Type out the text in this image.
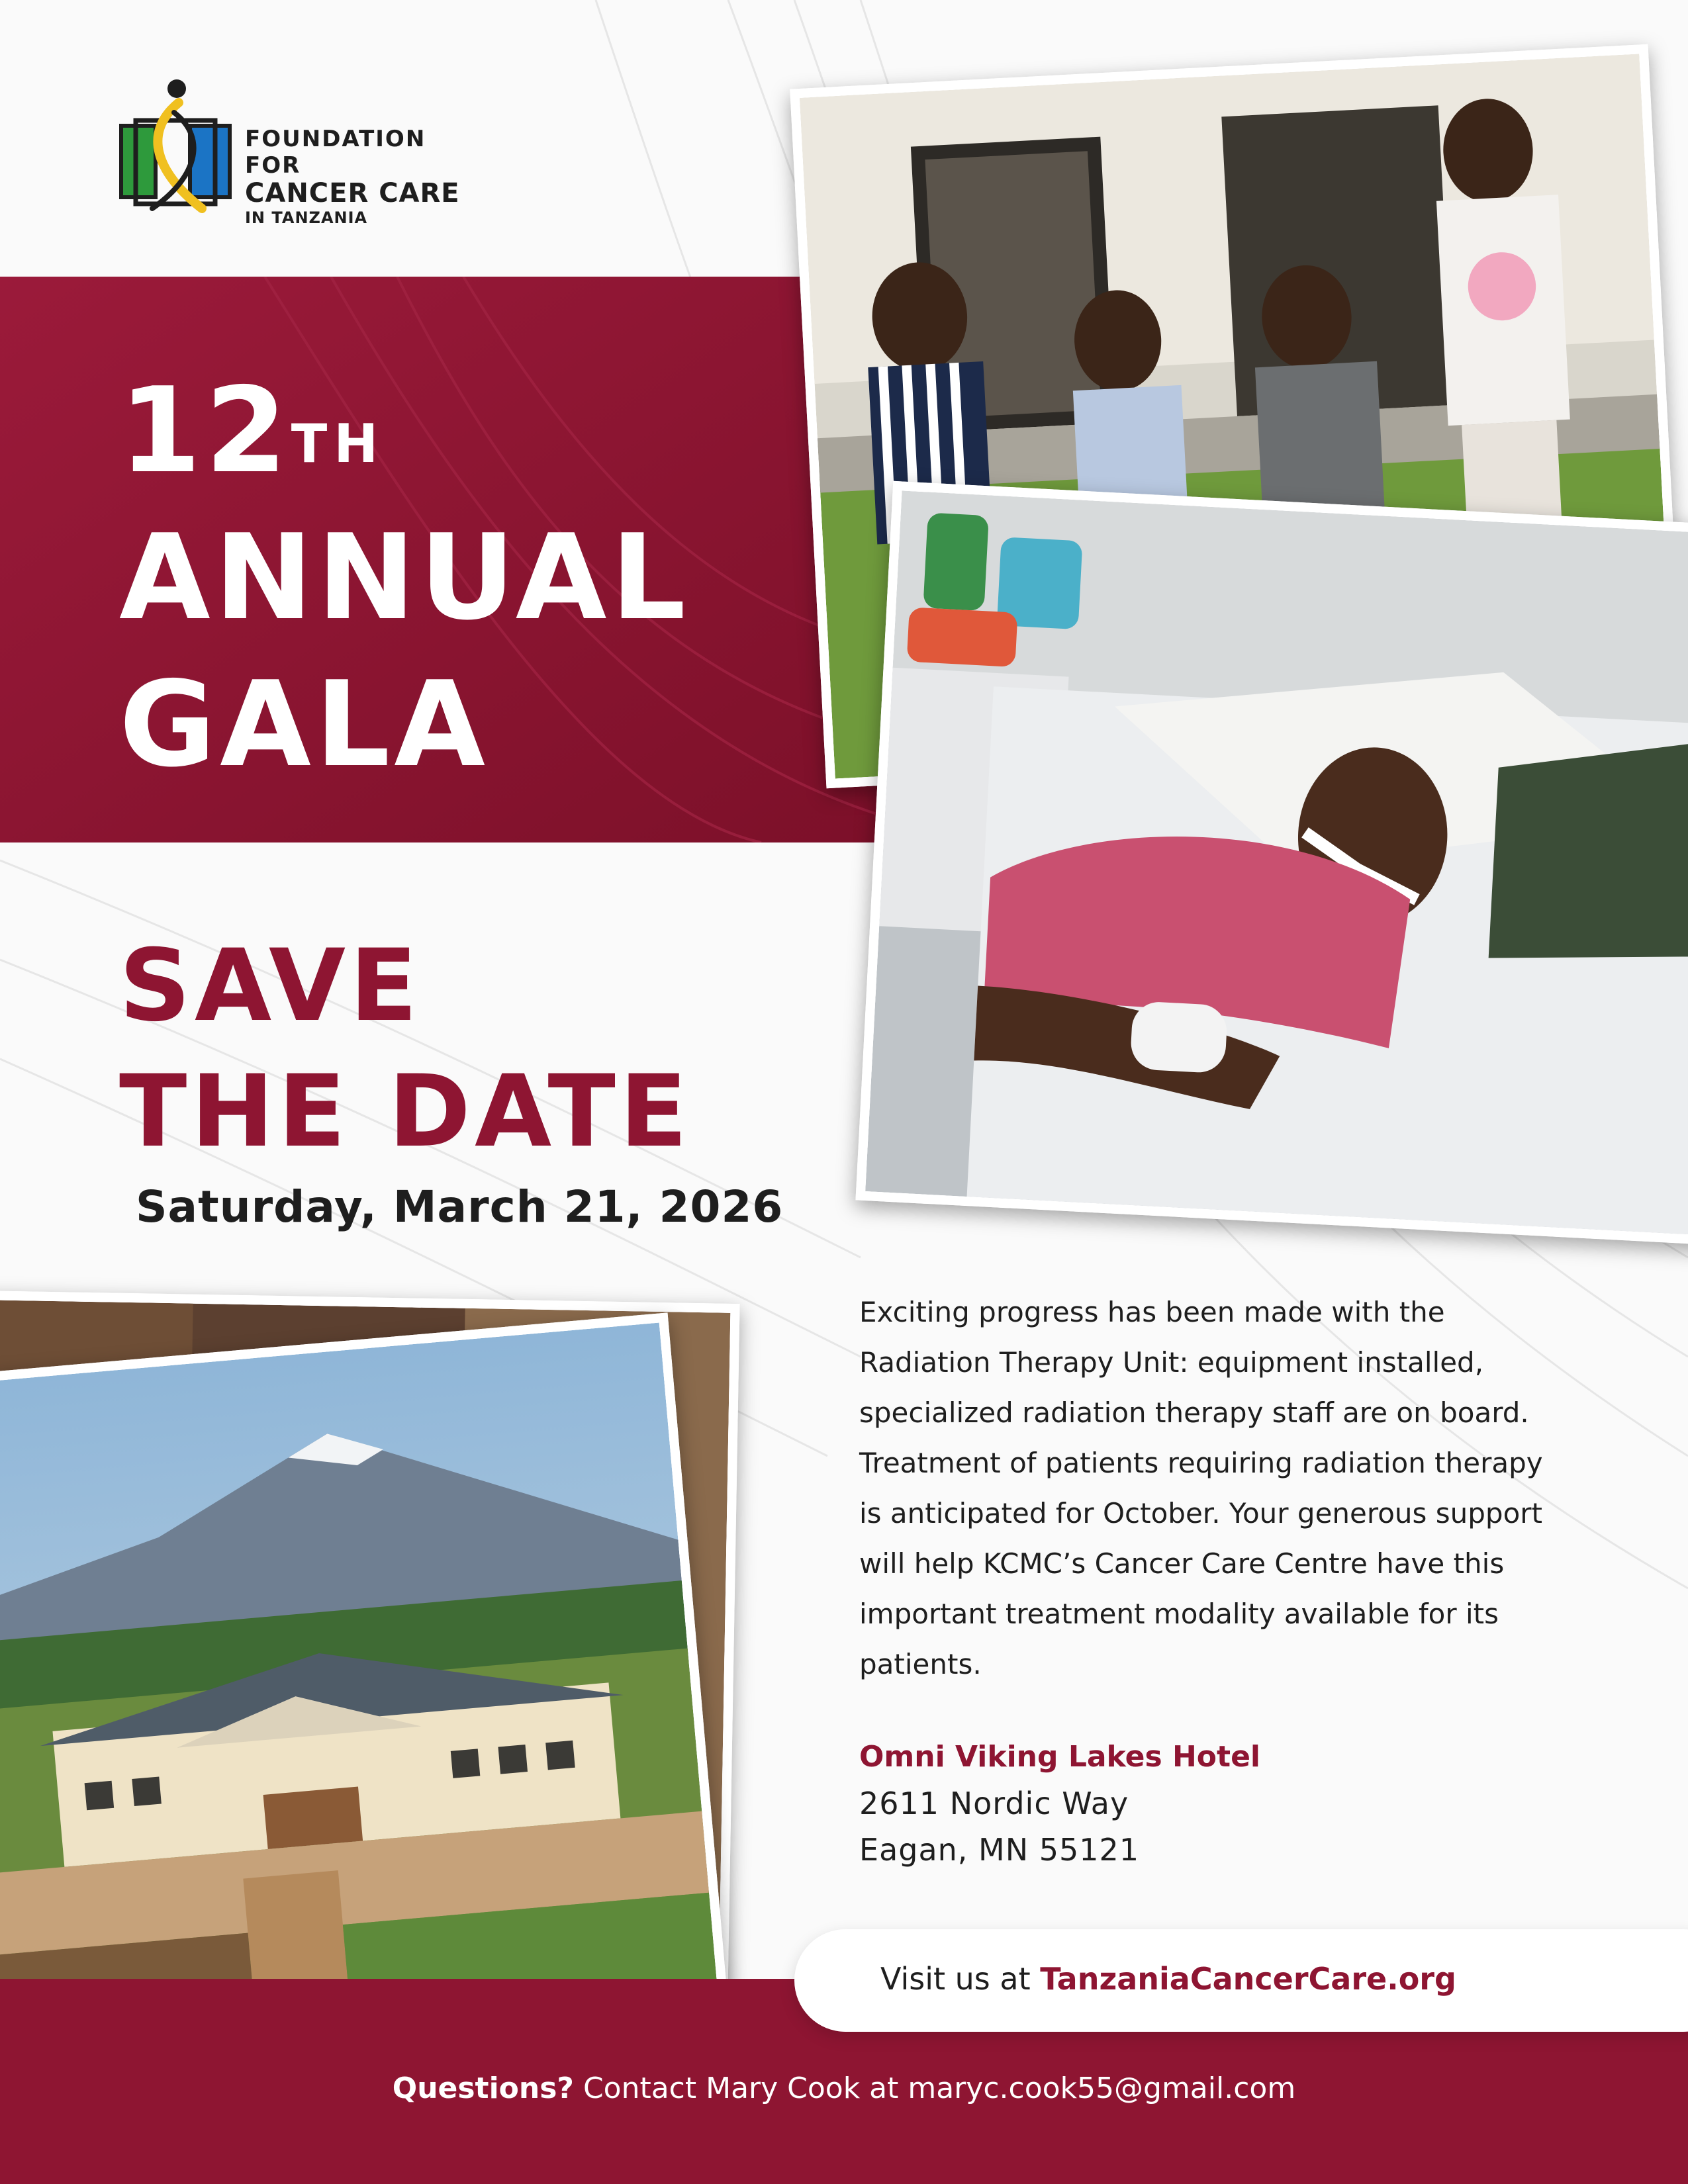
FOUNDATION FOR
CANCER CARE
IN TANZANIA
12TH
ANNUAL
GALA
SAVE
THE DATE
Saturday, March 21, 2026
Exciting progress has been made with the Radiation Therapy Unit: equipment installed, specialized radiation therapy staff are on board. Treatment of patients requiring radiation therapy is anticipated for October. Your generous support will help KCMC’s Cancer Care Centre have this important treatment modality available for its patients.
Omni Viking Lakes Hotel
2611 Nordic Way
Eagan, MN 55121
Visit us at TanzaniaCancerCare.org
Questions? Contact Mary Cook at maryc.cook55@gmail.com
